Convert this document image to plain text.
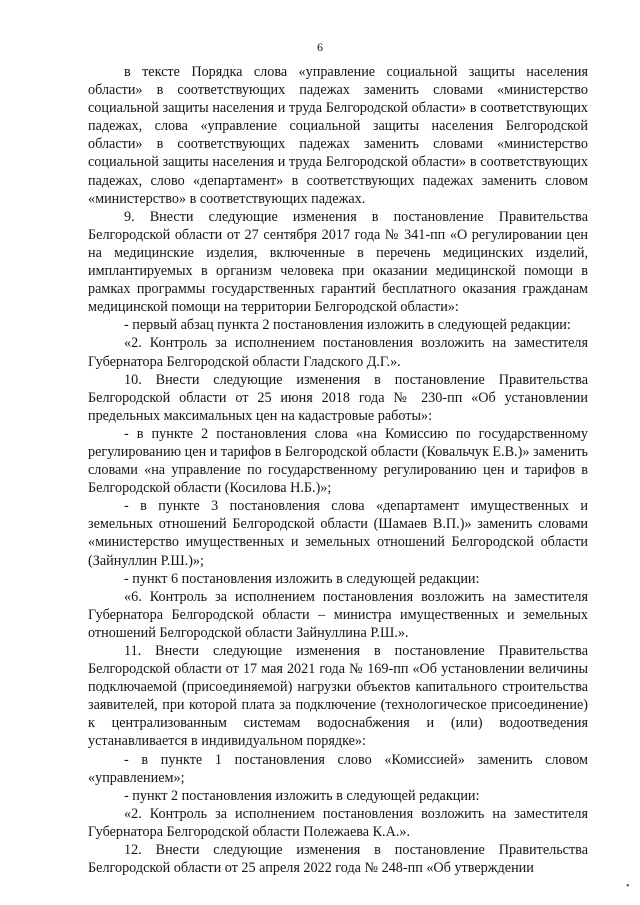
6

в тексте Порядка слова «управление социальной защиты населения области» в соответствующих падежах заменить словами «министерство социальной защиты населения и труда Белгородской области» в соответствующих падежах, слова «управление социальной защиты населения Белгородской области» в соответствующих падежах заменить словами «министерство социальной защиты населения и труда Белгородской области» в соответствующих падежах, слово «департамент» в соответствующих падежах заменить словом «министерство» в соответствующих падежах.

9. Внести следующие изменения в постановление Правительства Белгородской области от 27 сентября 2017 года № 341-пп «О регулировании цен на медицинские изделия, включенные в перечень медицинских изделий, имплантируемых в организм человека при оказании медицинской помощи в рамках программы государственных гарантий бесплатного оказания гражданам медицинской помощи на территории Белгородской области»:

- первый абзац пункта 2 постановления изложить в следующей редакции:

«2. Контроль за исполнением постановления возложить на заместителя Губернатора Белгородской области Гладского Д.Г.».

10. Внести следующие изменения в постановление Правительства Белгородской области от 25 июня 2018 года № 230-пп «Об установлении предельных максимальных цен на кадастровые работы»:

- в пункте 2 постановления слова «на Комиссию по государственному регулированию цен и тарифов в Белгородской области (Ковальчук Е.В.)» заменить словами «на управление по государственному регулированию цен и тарифов в Белгородской области (Косилова Н.Б.)»;

- в пункте 3 постановления слова «департамент имущественных и земельных отношений Белгородской области (Шамаев В.П.)» заменить словами «министерство имущественных и земельных отношений Белгородской области (Зайнуллин Р.Ш.)»;

- пункт 6 постановления изложить в следующей редакции:

«6. Контроль за исполнением постановления возложить на заместителя Губернатора Белгородской области – министра имущественных и земельных отношений Белгородской области Зайнуллина Р.Ш.».

11. Внести следующие изменения в постановление Правительства Белгородской области от 17 мая 2021 года № 169-пп «Об установлении величины подключаемой (присоединяемой) нагрузки объектов капитального строительства заявителей, при которой плата за подключение (технологическое присоединение) к централизованным системам водоснабжения и (или) водоотведения устанавливается в индивидуальном порядке»:

- в пункте 1 постановления слово «Комиссией» заменить словом «управлением»;

- пункт 2 постановления изложить в следующей редакции:

«2. Контроль за исполнением постановления возложить на заместителя Губернатора Белгородской области Полежаева К.А.».

12. Внести следующие изменения в постановление Правительства Белгородской области от 25 апреля 2022 года № 248-пп «Об утверждении

•
